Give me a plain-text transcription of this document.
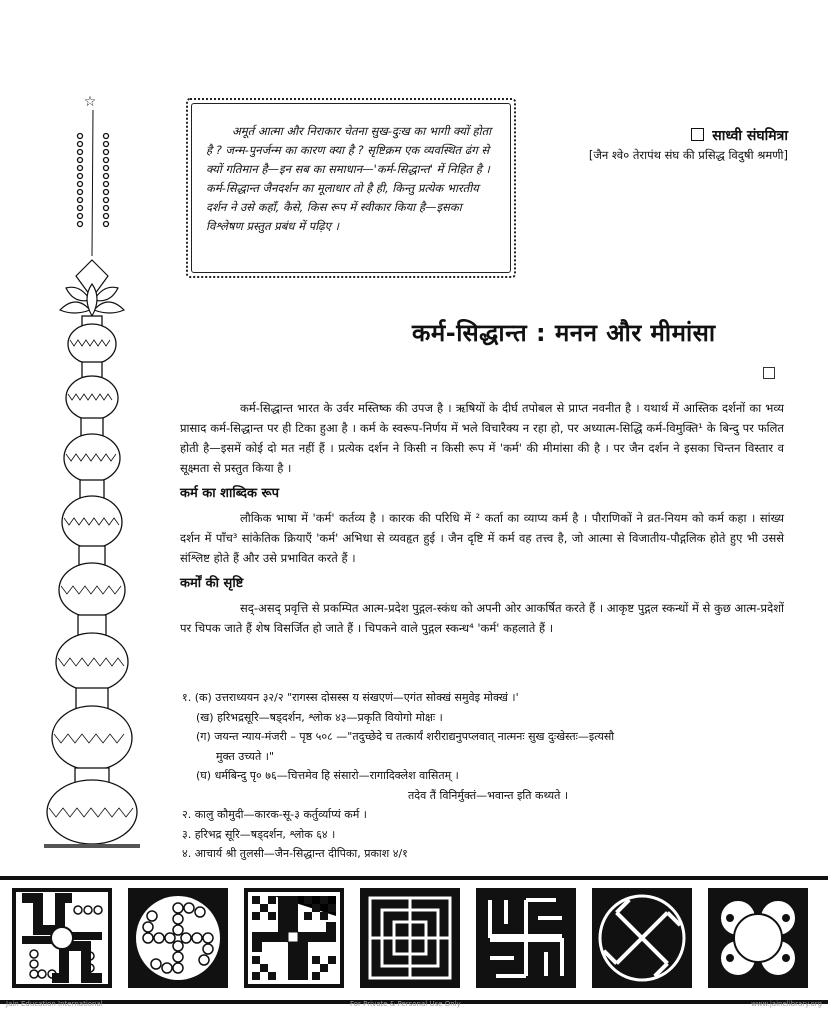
☆

अमूर्त आत्मा और निराकार चेतना सुख-दुःख का भागी क्यों होता है ? जन्म-पुनर्जन्म का कारण क्या है ? सृष्टिक्रम एक व्यवस्थित ढंग से क्यों गतिमान है—इन सब का समाधान—'कर्म-सिद्धान्त' में निहित है । कर्म-सिद्धान्त जैनदर्शन का मूलाधार तो है ही, किन्तु प्रत्येक भारतीय दर्शन ने उसे कहाँ, कैसे, किस रूप में स्वीकार किया है—इसका विश्लेषण प्रस्तुत प्रबंध में पढ़िए ।

साध्वी संघमित्रा
[जैन श्वे० तेरापंथ संघ की प्रसिद्ध विदुषी श्रमणी]
कर्म-सिद्धान्त : मनन और मीमांसा

कर्म-सिद्धान्त भारत के उर्वर मस्तिष्क की उपज है । ऋषियों के दीर्घ तपोबल से प्राप्त नवनीत है । यथार्थ में आस्तिक दर्शनों का भव्य प्रासाद कर्म-सिद्धान्त पर ही टिका हुआ है । कर्म के स्वरूप-निर्णय में भले विचारैक्य न रहा हो, पर अध्यात्म-सिद्धि कर्म-विमुक्ति¹ के बिन्दु पर फलित होती है—इसमें कोई दो मत नहीं हैं । प्रत्येक दर्शन ने किसी न किसी रूप में 'कर्म' की मीमांसा की है । पर जैन दर्शन ने इसका चिन्तन विस्तार व सूक्ष्मता से प्रस्तुत किया है ।

कर्म का शाब्दिक रूप

लौकिक भाषा में 'कर्म' कर्तव्य है । कारक की परिधि में ² कर्ता का व्याप्य कर्म है । पौराणिकों ने व्रत-नियम को कर्म कहा । सांख्य दर्शन में पाँच³ सांकेतिक क्रियाएँ 'कर्म' अभिधा से व्यवहृत हुई । जैन दृष्टि में कर्म वह तत्त्व है, जो आत्मा से विजातीय-पौद्गलिक होते हुए भी उससे संश्लिष्ट होते हैं और उसे प्रभावित करते हैं ।

कर्मों की सृष्टि

सद्-असद् प्रवृत्ति से प्रकम्पित आत्म-प्रदेश पुद्गल-स्कंध को अपनी ओर आकर्षित करते हैं । आकृष्ट पुद्गल स्कन्धों में से कुछ आत्म-प्रदेशों पर चिपक जाते हैं शेष विसर्जित हो जाते हैं । चिपकने वाले पुद्गल स्कन्ध⁴ 'कर्म' कहलाते हैं ।

१. (क) उत्तराध्ययन ३२/२ "रागस्स दोसस्स य संखएणं—एगंत सोक्खं समुवेइ मोक्खं ।'
(ख) हरिभद्रसूरि—षड्दर्शन, श्लोक ४३—प्रकृति वियोगो मोक्षः ।
(ग) जयन्त न्याय-मंजरी – पृष्ठ ५०८ —"तदुच्छेदे च तत्कार्यं शरीराद्यनुपप्लवात् नात्मनः सुख दुःखेस्तः—इत्यसौ
मुक्त उच्यते ।"
(घ) धर्मबिन्दु पृ० ७६—चित्तमेव हि संसारो—रागादिक्लेश वासितम् ।
तदेव तैं विनिर्मुक्तं—भवान्त इति कथ्यते ।
२. कालु कौमुदी—कारक-सू-३ कर्तुर्व्याप्यं कर्म ।
३. हरिभद्र सूरि—षड्दर्शन, श्लोक ६४ ।
४. आचार्य श्री तुलसी—जैन-सिद्धान्त दीपिका, प्रकाश ४/१
Jain Education International	For Private & Personal Use Only	www.jainelibrary.org
